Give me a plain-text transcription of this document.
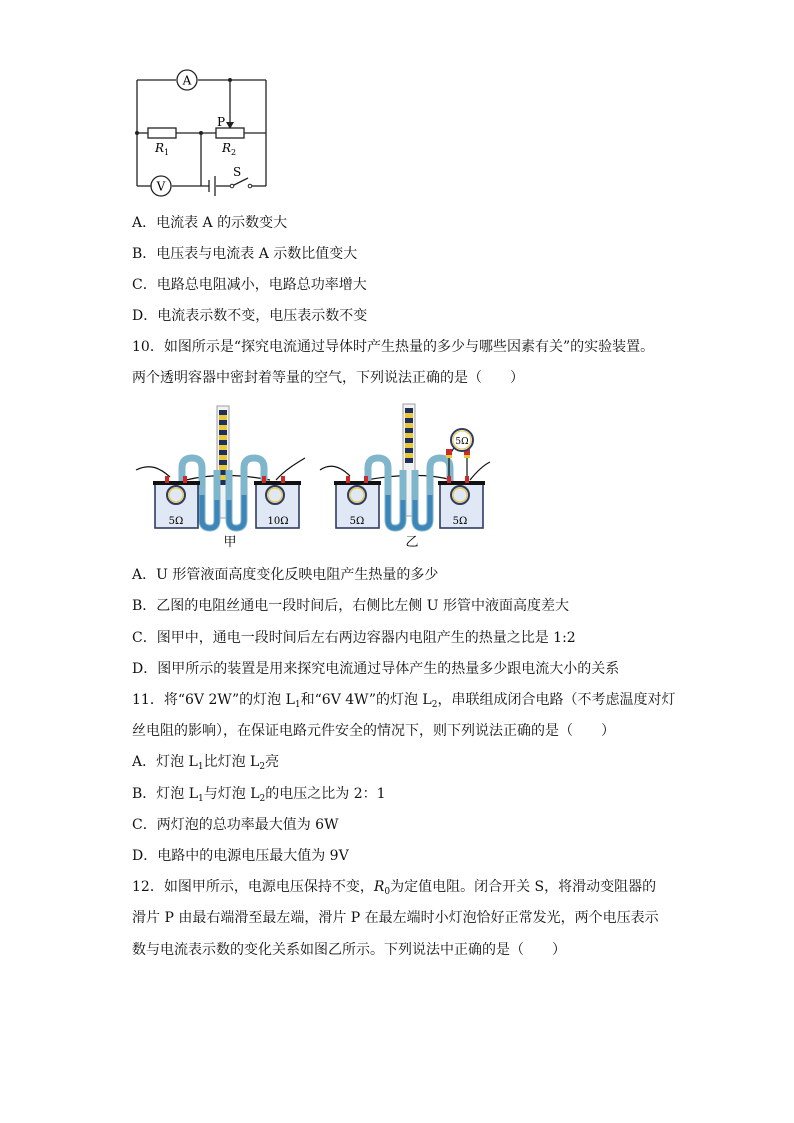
A
V
P
$R_1$	$R_2$
S
A．电流表 A 的示数变大
B．电压表与电流表 A 示数比值变大
C．电路总电阻减小，电路总功率增大
D．电流表示数不变，电压表示数不变
10．如图所示是“探究电流通过导体时产生热量的多少与哪些因素有关”的实验装置。
两个透明容器中密封着等量的空气，下列说法正确的是（　　）
5Ω	10Ω
甲
5Ω	5Ω
5Ω
乙
A．U 形管液面高度变化反映电阻产生热量的多少
B．乙图的电阻丝通电一段时间后，右侧比左侧 U 形管中液面高度差大
C．图甲中，通电一段时间后左右两边容器内电阻产生的热量之比是 1:2
D．图甲所示的装置是用来探究电流通过导体产生的热量多少跟电流大小的关系
11．将“6V 2W”的灯泡 $L_1$和“6V 4W”的灯泡 $L_2$，串联组成闭合电路（不考虑温度对灯
丝电阻的影响），在保证电路元件安全的情况下，则下列说法正确的是（　　）
A．灯泡 $L_1$比灯泡 $L_2$亮
B．灯泡 $L_1$与灯泡 $L_2$的电压之比为 2：1
C．两灯泡的总功率最大值为 6W
D．电路中的电源电压最大值为 9V
12．如图甲所示，电源电压保持不变，$R_0$为定值电阻。闭合开关 S，将滑动变阻器的
滑片 P 由最右端滑至最左端，滑片 P 在最左端时小灯泡恰好正常发光，两个电压表示
数与电流表示数的变化关系如图乙所示。下列说法中正确的是（　　）
